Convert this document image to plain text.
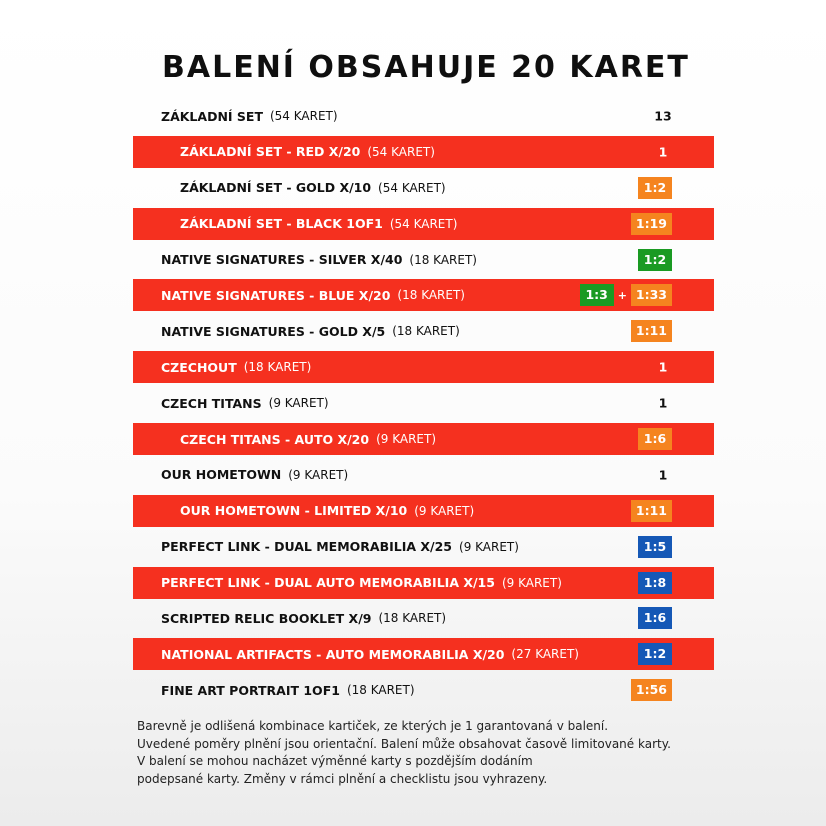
BALENÍ OBSAHUJE 20 KARET
ZÁKLADNÍ SET (54 KARET)	13
ZÁKLADNÍ SET - RED X/20 (54 KARET)	1
ZÁKLADNÍ SET - GOLD X/10 (54 KARET)	1:2
ZÁKLADNÍ SET - BLACK 1OF1 (54 KARET)	1:19
NATIVE SIGNATURES - SILVER X/40 (18 KARET)	1:2
NATIVE SIGNATURES - BLUE X/20 (18 KARET)	1:3 + 1:33
NATIVE SIGNATURES - GOLD X/5 (18 KARET)	1:11
CZECHOUT (18 KARET)	1
CZECH TITANS (9 KARET)	1
CZECH TITANS - AUTO X/20 (9 KARET)	1:6
OUR HOMETOWN (9 KARET)	1
OUR HOMETOWN - LIMITED X/10 (9 KARET)	1:11
PERFECT LINK - DUAL MEMORABILIA X/25 (9 KARET)	1:5
PERFECT LINK - DUAL AUTO MEMORABILIA X/15 (9 KARET)	1:8
SCRIPTED RELIC BOOKLET X/9 (18 KARET)	1:6
NATIONAL ARTIFACTS - AUTO MEMORABILIA X/20 (27 KARET)	1:2
FINE ART PORTRAIT 1OF1 (18 KARET)	1:56
Barevně je odlišená kombinace kartiček, ze kterých je 1 garantovaná v balení.
Uvedené poměry plnění jsou orientační. Balení může obsahovat časově limitované karty.
V balení se mohou nacházet výměnné karty s pozdějším dodáním
podepsané karty. Změny v rámci plnění a checklistu jsou vyhrazeny.
